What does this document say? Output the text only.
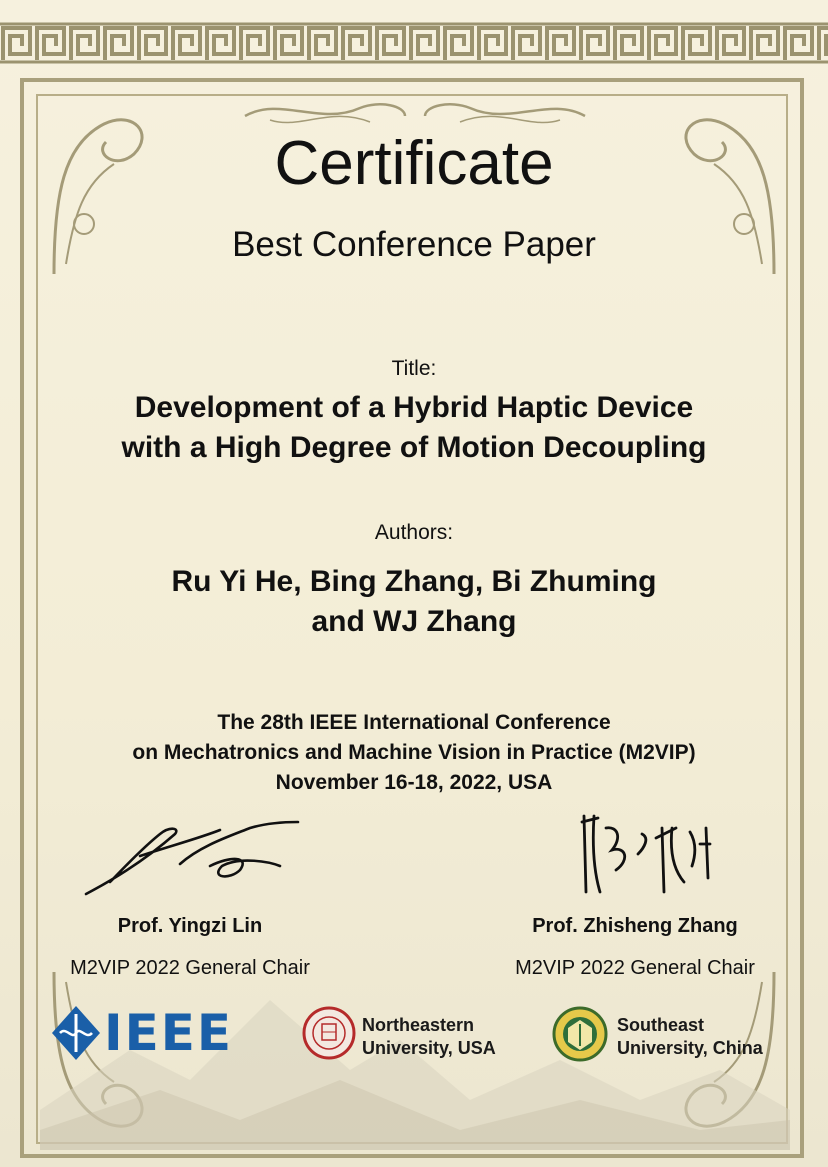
Certificate
Best Conference Paper
Title:
Development of a Hybrid Haptic Device
with a High Degree of Motion Decoupling
Authors:
Ru Yi He, Bing Zhang, Bi Zhuming
and WJ Zhang
The 28th IEEE International Conference
on Mechatronics and Machine Vision in Practice (M2VIP)
November 16-18, 2022, USA
Prof. Yingzi Lin
M2VIP 2022 General Chair
Prof. Zhisheng Zhang
M2VIP 2022 General Chair
IEEE	Northeastern
University, USA
Southeast
University, China
